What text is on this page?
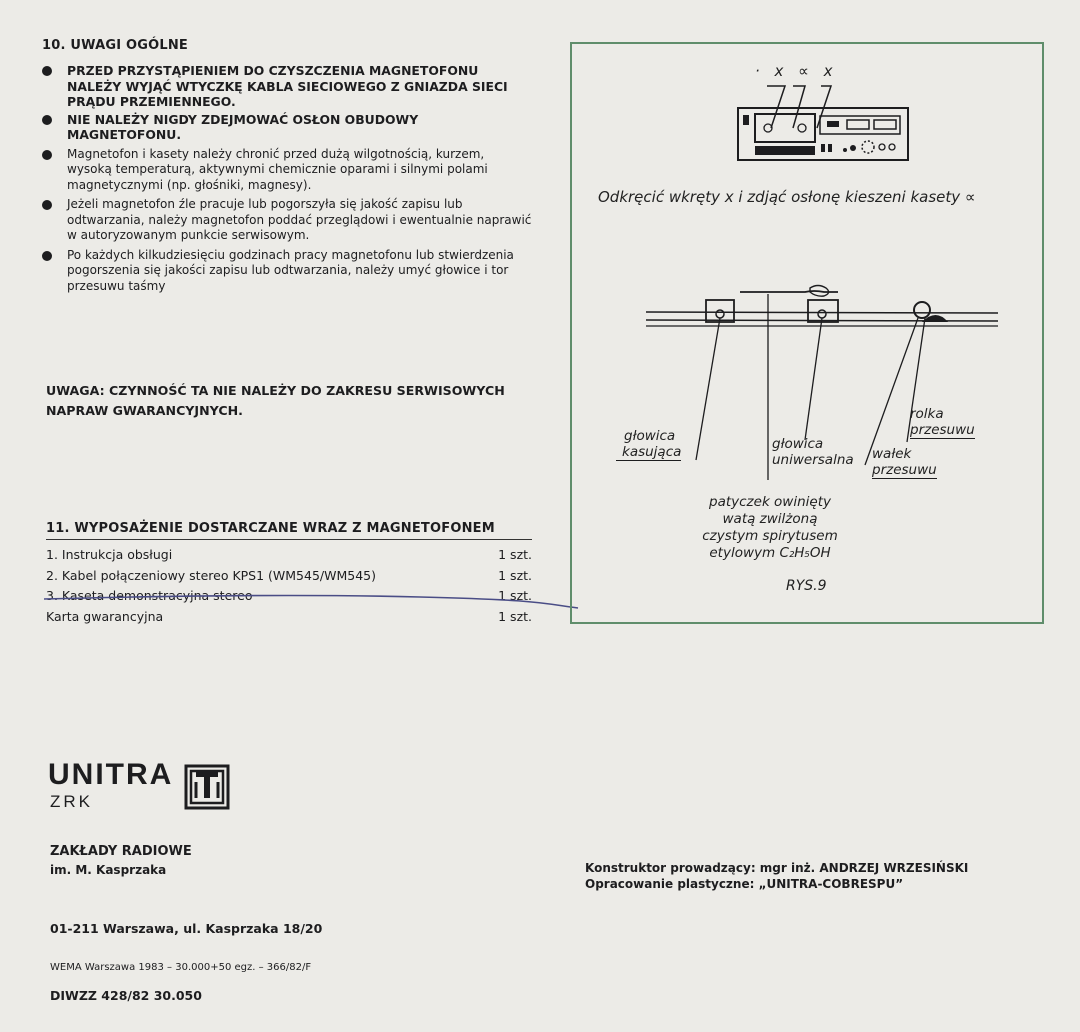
10. UWAGI OGÓLNE
PRZED PRZYSTĄPIENIEM DO CZYSZCZENIA MAGNETOFONU NALEŻY WYJĄĆ WTYCZKĘ KABLA SIECIOWEGO Z GNIAZDA SIECI PRĄDU PRZEMIENNEGO.
NIE NALEŻY NIGDY ZDEJMOWAĆ OSŁON OBUDOWY MAGNETOFONU.
Magnetofon i kasety należy chronić przed dużą wilgotnością, kurzem, wysoką temperaturą, aktywnymi chemicznie oparami i silnymi polami magnetycznymi (np. głośniki, magnesy).
Jeżeli magnetofon źle pracuje lub pogorszyła się jakość zapisu lub odtwarzania, należy magnetofon poddać przeglądowi i ewentualnie naprawić w autoryzowanym punkcie serwisowym.
Po każdych kilkudziesięciu godzinach pracy magnetofonu lub stwierdzenia pogorszenia się jakości zapisu lub odtwarzania, należy umyć głowice i tor przesuwu taśmy
UWAGA: CZYNNOŚĆ TA NIE NALEŻY DO ZAKRESU SERWISOWYCH NAPRAW GWARANCYJNYCH.
11. WYPOSAŻENIE DOSTARCZANE WRAZ Z MAGNETOFONEM
1. Instrukcja obsługi	1 szt.
2. Kabel połączeniowy stereo KPS1 (WM545/WM545)	1 szt.
3. Kaseta demonstracyjna stereo	1 szt.
Karta gwarancyjna	1 szt.
· x ∝ x
Odkręcić wkręty x i zdjąć osłonę kieszeni kasety ∝
głowica
kasująca	głowica
uniwersalna
rolka
przesuwu
wałek
przesuwu
patyczek owinięty
watą zwilżoną
czystym spirytusem
etylowym C₂H₅OH
RYS.9
UNITRA
ZRK
ZAKŁADY RADIOWE
im. M. Kasprzaka
01-211 Warszawa, ul. Kasprzaka 18/20
WEMA Warszawa 1983 – 30.000+50 egz. – 366/82/F
DIWZZ 428/82 30.050
Konstruktor prowadzący: mgr inż. ANDRZEJ WRZESIŃSKI
Opracowanie plastyczne: „UNITRA-COBRESPU”
